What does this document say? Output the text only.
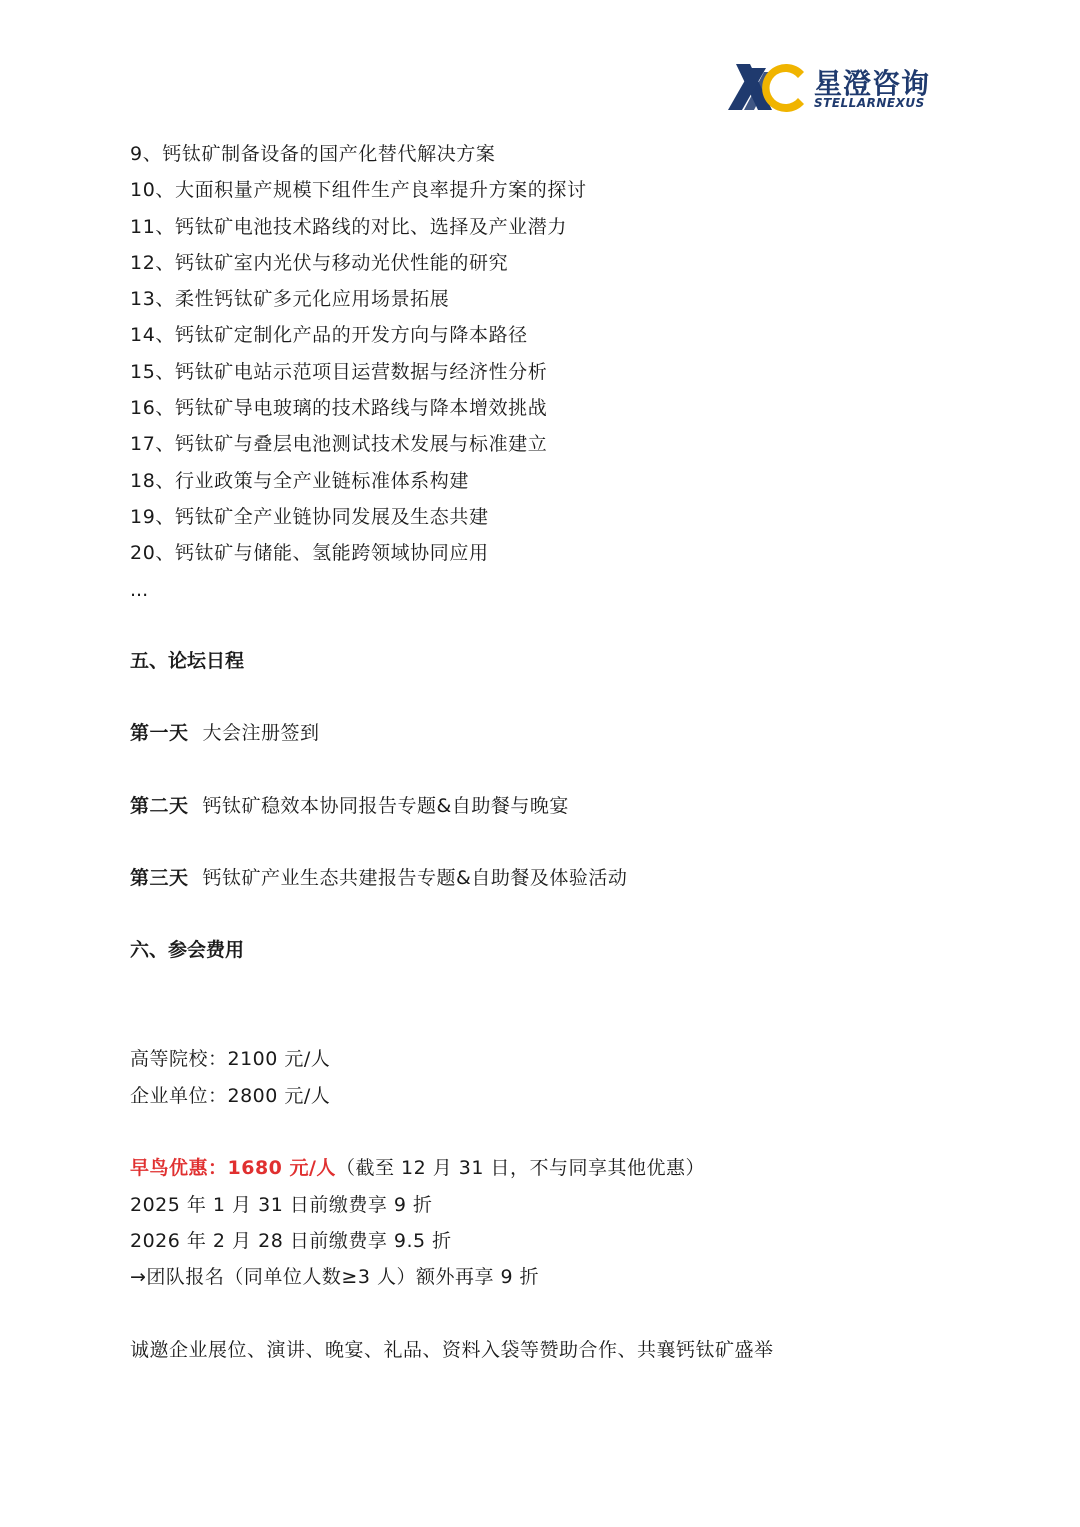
星澄咨询
STELLARNEXUS
9、钙钛矿制备设备的国产化替代解决方案
10、大面积量产规模下组件生产良率提升方案的探讨
11、钙钛矿电池技术路线的对比、选择及产业潜力
12、钙钛矿室内光伏与移动光伏性能的研究
13、柔性钙钛矿多元化应用场景拓展
14、钙钛矿定制化产品的开发方向与降本路径
15、钙钛矿电站示范项目运营数据与经济性分析
16、钙钛矿导电玻璃的技术路线与降本增效挑战
17、钙钛矿与叠层电池测试技术发展与标准建立
18、行业政策与全产业链标准体系构建
19、钙钛矿全产业链协同发展及生态共建
20、钙钛矿与储能、氢能跨领域协同应用
...
五、论坛日程
第一天 大会注册签到
第二天 钙钛矿稳效本协同报告专题&自助餐与晚宴
第三天 钙钛矿产业生态共建报告专题&自助餐及体验活动
六、参会费用
高等院校：2100 元/人
企业单位：2800 元/人
早鸟优惠：1680 元/人（截至 12 月 31 日，不与同享其他优惠）
2025 年 1 月 31 日前缴费享 9 折
2026 年 2 月 28 日前缴费享 9.5 折
→团队报名（同单位人数≥3 人）额外再享 9 折
诚邀企业展位、演讲、晚宴、礼品、资料入袋等赞助合作、共襄钙钛矿盛举
